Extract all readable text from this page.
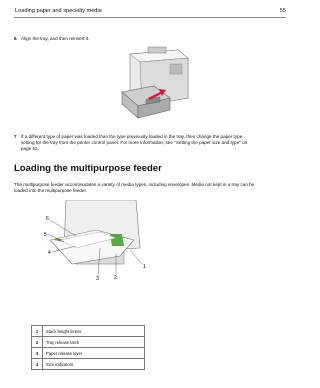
Loading paper and specialty media	55
6 Align the tray, and then reinsert it.
7 If a different type of paper was loaded than the type previously loaded in the tray, then change the paper type
setting for the tray from the printer control panel. For more information, see "Setting the paper size and type" on
page 52.
Loading the multipurpose feeder
The multipurpose feeder accommodates a variety of media types, including envelopes. Media not kept in a tray can be
loaded into the multipurpose feeder.
6
5
4
3	2
1
1	Stack height limiter
2	Tray release latch
3	Paper release lever
4	Size indicators
